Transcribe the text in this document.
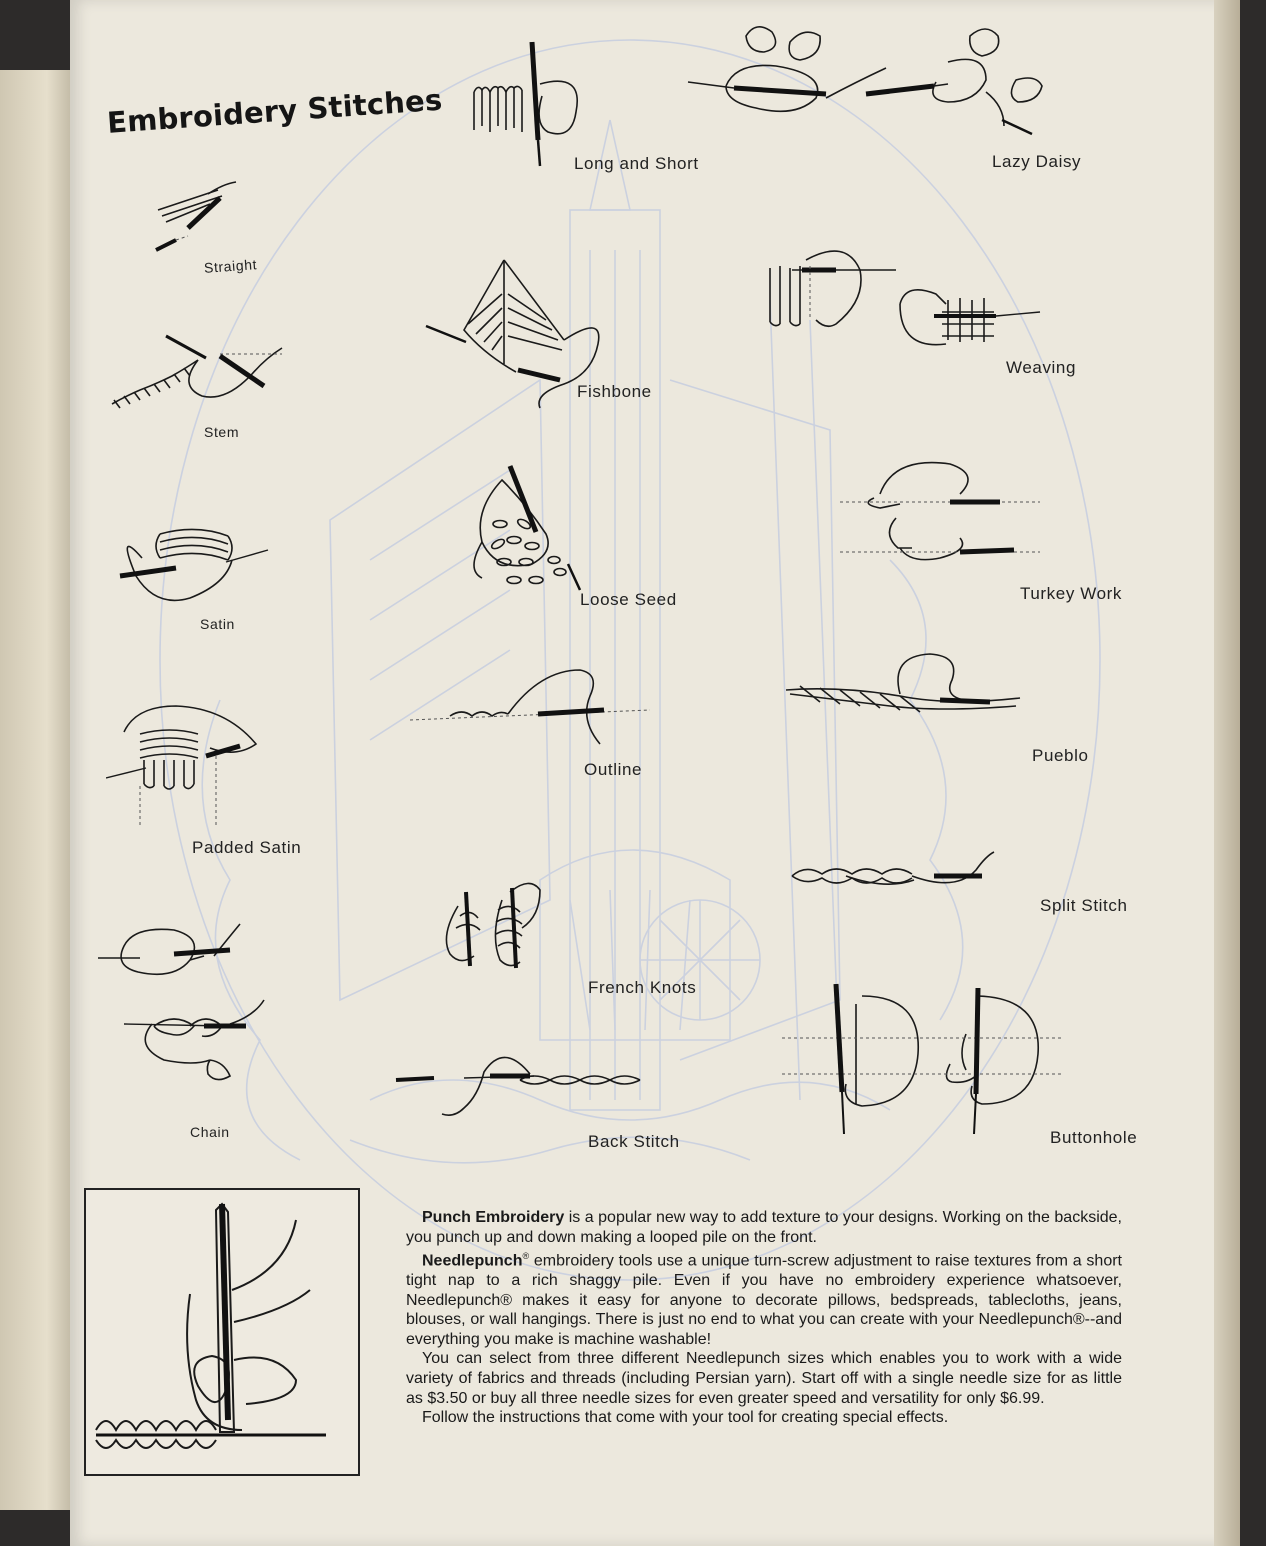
Embroidery Stitches
Straight
Long and Short	Lazy Daisy
Stem
Fishbone
Weaving
Satin
Loose Seed	Turkey Work
Padded Satin
Outline
Pueblo
French Knots
Split Stitch
Chain	Back Stitch	Buttonhole

Punch Embroidery is a popular new way to add texture to your designs. Working on the backside, you punch up and down making a looped pile on the front.

Needlepunch® embroidery tools use a unique turn-screw adjustment to raise textures from a short tight nap to a rich shaggy pile. Even if you have no embroidery experience whatsoever, Needlepunch® makes it easy for anyone to decorate pillows, bedspreads, tablecloths, jeans, blouses, or wall hangings. There is just no end to what you can create with your Needlepunch®--and everything you make is machine washable!

You can select from three different Needlepunch sizes which enables you to work with a wide variety of fabrics and threads (including Persian yarn). Start off with a single needle size for as little as $3.50 or buy all three needle sizes for even greater speed and versatility for only $6.99.

Follow the instructions that come with your tool for creating special effects.
